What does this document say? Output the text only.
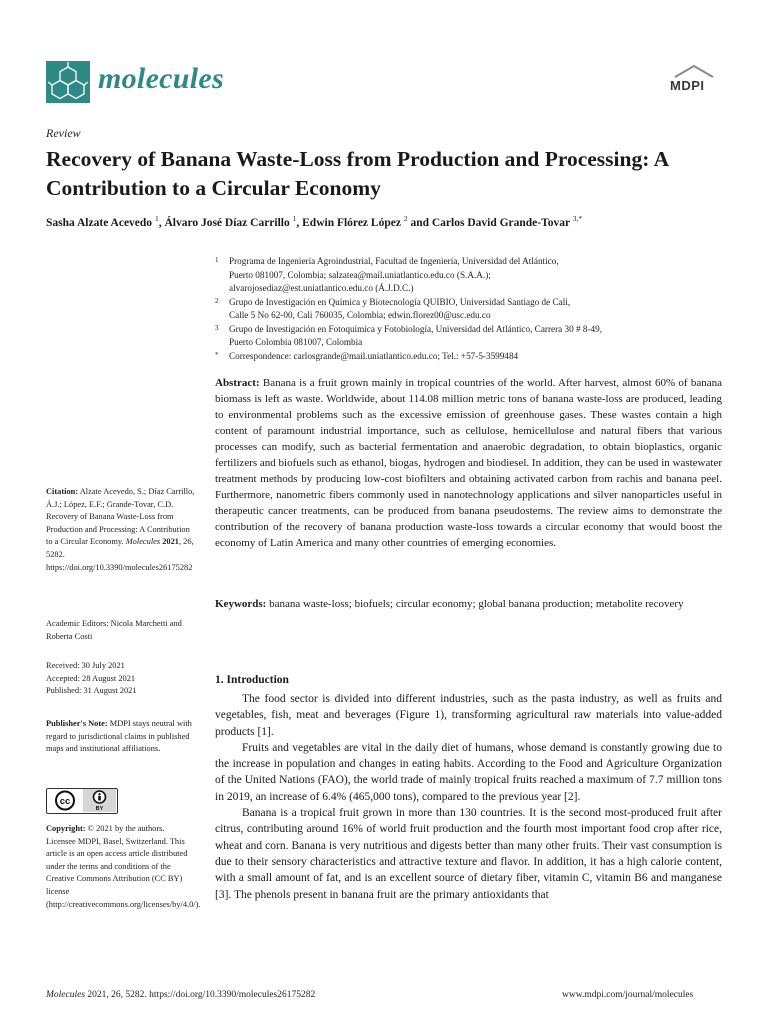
molecules	MDPI
Review
Recovery of Banana Waste-Loss from Production and Processing: A Contribution to a Circular Economy
Sasha Alzate Acevedo $^1$, Álvaro José Díaz Carrillo $^1$, Edwin Flórez López $^2$ and Carlos David Grande-Tovar $^{3,*}$
1 Programa de Ingeniería Agroindustrial, Facultad de Ingeniería, Universidad del Atlántico,
Puerto 081007, Colombia; salzatea@mail.uniatlantico.edu.co (S.A.A.);
alvarojosediaz@est.uniatlantico.edu.co (Á.J.D.C.)
2 Grupo de Investigación en Química y Biotecnología QUIBIO, Universidad Santiago de Cali,
Calle 5 No 62-00, Cali 760035, Colombia; edwin.florez00@usc.edu.co
3 Grupo de Investigación en Fotoquímica y Fotobiología, Universidad del Atlántico, Carrera 30 # 8-49,
Puerto Colombia 081007, Colombia
* Correspondence: carlosgrande@mail.uniatlantico.edu.co; Tel.: +57-5-3599484
Abstract: Banana is a fruit grown mainly in tropical countries of the world. After harvest, almost 60% of banana biomass is left as waste. Worldwide, about 114.08 million metric tons of banana waste-loss are produced, leading to environmental problems such as the excessive emission of greenhouse gases. These wastes contain a high content of paramount industrial importance, such as cellulose, hemicellulose and natural fibers that various processes can modify, such as bacterial fermentation and anaerobic degradation, to obtain bioplastics, organic fertilizers and biofuels such as ethanol, biogas, hydrogen and biodiesel. In addition, they can be used in wastewater treatment methods by producing low-cost biofilters and obtaining activated carbon from rachis and banana peel. Furthermore, nanometric fibers commonly used in nanotechnology applications and silver nanoparticles useful in therapeutic cancer treatments, can be produced from banana pseudostems. The review aims to demonstrate the contribution of the recovery of banana production waste-loss towards a circular economy that would boost the economy of Latin America and many other countries of emerging economies.
Keywords: banana waste-loss; biofuels; circular economy; global banana production; metabolite recovery
Citation: Alzate Acevedo, S.; Díaz Carrillo, Á.J.; López, E.F.; Grande-Tovar, C.D. Recovery of Banana Waste-Loss from Production and Processing: A Contribution to a Circular Economy. Molecules 2021, 26, 5282. https://doi.org/10.3390/molecules26175282
Academic Editors: Nicola Marchetti and Roberta Costi
Received: 30 July 2021
Accepted: 28 August 2021
Published: 31 August 2021
Publisher's Note: MDPI stays neutral with regard to jurisdictional claims in published maps and institutional affiliations.
cc
BY
Copyright: © 2021 by the authors. Licensee MDPI, Basel, Switzerland. This article is an open access article distributed under the terms and conditions of the Creative Commons Attribution (CC BY) license (http://creativecommons.org/licenses/by/4.0/).
1. Introduction

The food sector is divided into different industries, such as the pasta industry, as well as fruits and vegetables, fish, meat and beverages (Figure 1), transforming agricultural raw materials into value-added products [1].

Fruits and vegetables are vital in the daily diet of humans, whose demand is constantly growing due to the increase in population and changes in eating habits. According to the Food and Agriculture Organization of the United Nations (FAO), the world trade of mainly tropical fruits reached a maximum of 7.7 million tons in 2019, an increase of 6.4% (465,000 tons), compared to the previous year [2].

Banana is a tropical fruit grown in more than 130 countries. It is the second most-produced fruit after citrus, contributing around 16% of world fruit production and the fourth most important food crop after rice, wheat and corn. Banana is very nutritious and digests better than many other fruits. Their vast consumption is due to their sensory characteristics and attractive texture and flavor. In addition, it has a high calorie content, with a small amount of fat, and is an excellent source of dietary fiber, vitamin C, vitamin B6 and manganese [3]. The phenols present in banana fruit are the primary antioxidants that

Molecules 2021, 26, 5282. https://doi.org/10.3390/molecules26175282	www.mdpi.com/journal/molecules
